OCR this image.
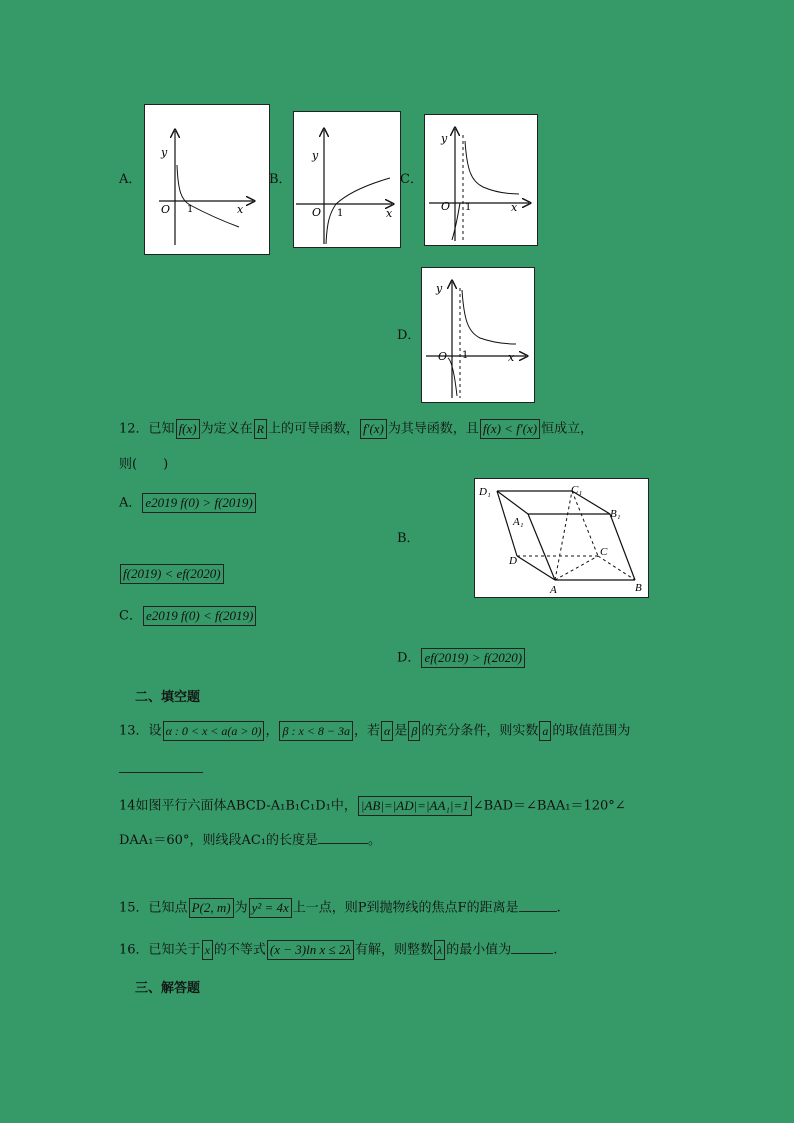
A．
y
O 1	x
B．
y
O 1	x
C．
y
O 1	x
D．
y
O 1	x
12．已知 f(x) 为定义在 R 上的可导函数， f′(x) 为其导函数，且 f(x) < f′(x) 恒成立，
则(　　)
A． e2019 f(0) > f(2019)
B．
f(2019) < ef(2020)
C． e2019 f(0) < f(2019)
D． ef(2019) > f(2020)
D₁	C₁
B₁
A₁
D
C
A	B
二、填空题
13．设 α : 0 < x < a(a > 0) ， β : x < 8 − 3a ，若 α 是 β 的充分条件，则实数 a 的取值范围为
14如图平行六面体ABCD-A₁B₁C₁D₁中， |AB|=|AD|=|AA₁|=1 ∠BAD＝∠BAA₁＝120°∠
DAA₁＝60°，则线段AC₁的长度是	。
15．已知点 P(2, m) 为 y² = 4x 上一点，则P到抛物线的焦点F的距离是	.
16．已知关于 x 的不等式 (x − 3)ln x ≤ 2λ 有解，则整数 λ 的最小值为	.
三、解答题
